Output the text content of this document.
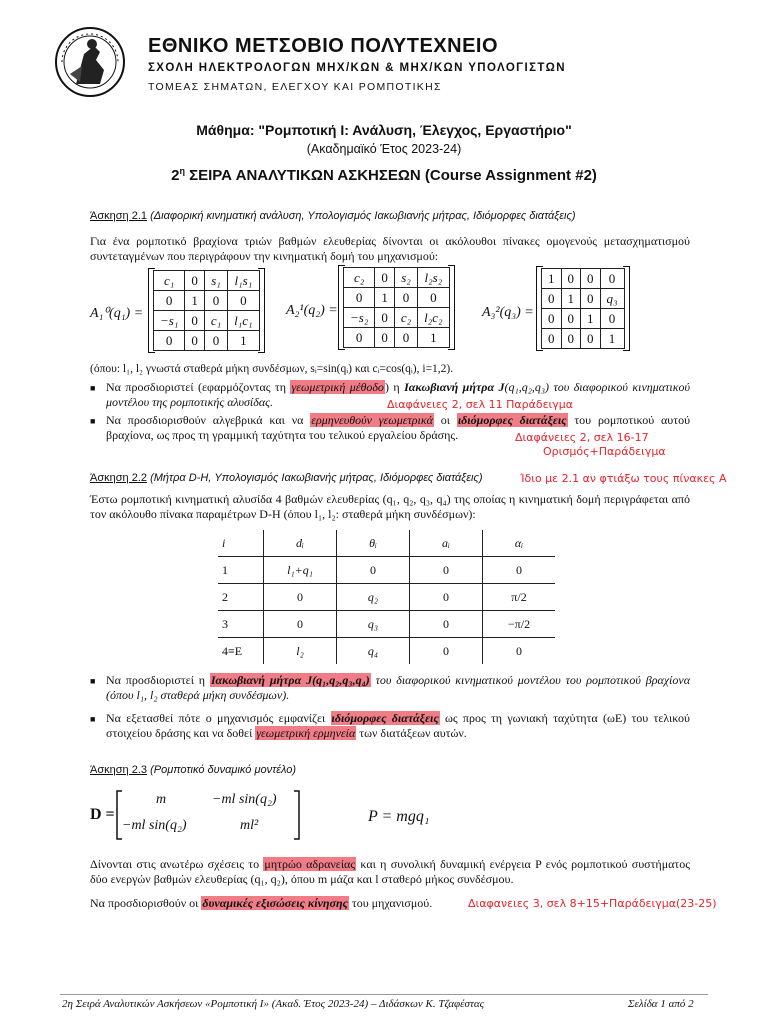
ΕΘΝΙΚΟ ΜΕΤΣΟΒΙΟ ΠΟΛΥΤΕΧΝΕΙΟ
ΣΧΟΛΗ ΗΛΕΚΤΡΟΛΟΓΩΝ ΜΗΧ/ΚΩΝ & ΜΗΧ/ΚΩΝ ΥΠΟΛΟΓΙΣΤΩΝ
ΤΟΜΕΑΣ ΣΗΜΑΤΩΝ, ΕΛΕΓΧΟΥ ΚΑΙ ΡΟΜΠΟΤΙΚΗΣ
Μάθημα: "Ρομποτική Ι: Ανάλυση, Έλεγχος, Εργαστήριο"
(Ακαδημαϊκό Έτος 2023-24)
$2^\eta$ ΣΕΙΡΑ ΑΝΑΛΥΤΙΚΩΝ ΑΣΚΗΣΕΩΝ (Course Assignment #2)
Άσκηση 2.1 (Διαφορική κινηματική ανάλυση, Υπολογισμός Ιακωβιανής μήτρας, Ιδιόμορφες διατάξεις)

Για ένα ρομποτικό βραχίονα τριών βαθμών ελευθερίας δίνονται οι ακόλουθοι πίνακες ομογενούς μετασχηματισμού συντεταγμένων που περιγράφουν την κινηματική δομή του μηχανισμού:

A₁⁰(q₁) =
c₁	0	s₁	l₁s₁
0	1	0	0
−s₁	0	c₁	l₁c₁
0	0	0	1
A₂¹(q₂) =
c₂	0	s₂	l₂s₂
0	1	0	0
−s₂	0	c₂	l₂c₂
0	0	0	1
A₃²(q₃) =
1	0	0	0
0	1	0	q₃
0	0	1	0
0	0	0	1

(όπου: l₁, l₂ γνωστά σταθερά μήκη συνδέσμων, sᵢ=sin(qᵢ) και cᵢ=cos(qᵢ), i=1,2).

■ Να προσδιοριστεί (εφαρμόζοντας τη γεωμετρική μέθοδο) η Ιακωβιανή μήτρα J(q₁,q₂,q₃) του διαφορικού κινηματικού μοντέλου της ρομποτικής αλυσίδας.	Διαφάνειες 2, σελ 11 Παράδειγμα
■ Να προσδιορισθούν αλγεβρικά και να ερμηνευθούν γεωμετρικά οι ιδιόμορφες διατάξεις του ρομποτικού αυτού βραχίονα, ως προς τη γραμμική ταχύτητα του τελικού εργαλείου δράσης.	Διαφάνειες 2, σελ 16-17
Ορισμός+Παράδειγμα
Άσκηση 2.2 (Μήτρα D-H, Υπολογισμός Ιακωβιανής μήτρας, Ιδιόμορφες διατάξεις)	Ίδιο με 2.1 αν φτιάξω τους πίνακες Α

Έστω ρομποτική κινηματική αλυσίδα 4 βαθμών ελευθερίας (q₁, q₂, q₃, q₄) της οποίας η κινηματική δομή περιγράφεται από τον ακόλουθο πίνακα παραμέτρων D-H (όπου l₁, l₂: σταθερά μήκη συνδέσμων):

i	dᵢ	θᵢ	aᵢ	αᵢ
1	l₁+q₁	0	0	0
2	0	q₂	0	π/2
3	0	q₃	0	−π/2
4≡E	l₂	q₄	0	0
■ Να προσδιοριστεί η Ιακωβιανή μήτρα J(q₁,q₂,q₃,q₄) του διαφορικού κινηματικού μοντέλου του ρομποτικού βραχίονα (όπου l₁, l₂ σταθερά μήκη συνδέσμων).

■ Να εξετασθεί πότε ο μηχανισμός εμφανίζει ιδιόμορφες διατάξεις ως προς τη γωνιακή ταχύτητα (ωE) του τελικού στοιχείου δράσης και να δοθεί γεωμετρική ερμηνεία των διατάξεων αυτών.

Άσκηση 2.3 (Ρομποτικό δυναμικό μοντέλο)
D =
m	−ml sin(q₂)
−ml sin(q₂)	ml²
P = mgq₁

Δίνονται στις ανωτέρω σχέσεις το μητρώο αδρανείας και η συνολική δυναμική ενέργεια P ενός ρομποτικού συστήματος δύο ενεργών βαθμών ελευθερίας (q₁, q₂), όπου m μάζα και l σταθερό μήκος συνδέσμου.

Να προσδιορισθούν οι δυναμικές εξισώσεις κίνησης του μηχανισμού.	Διαφανειες 3, σελ 8+15+Παράδειγμα(23-25)
2η Σειρά Αναλυτικών Ασκήσεων «Ρομποτική Ι» (Ακαδ. Έτος 2023-24) – Διδάσκων Κ. Τζαφέστας	Σελίδα 1 από 2
